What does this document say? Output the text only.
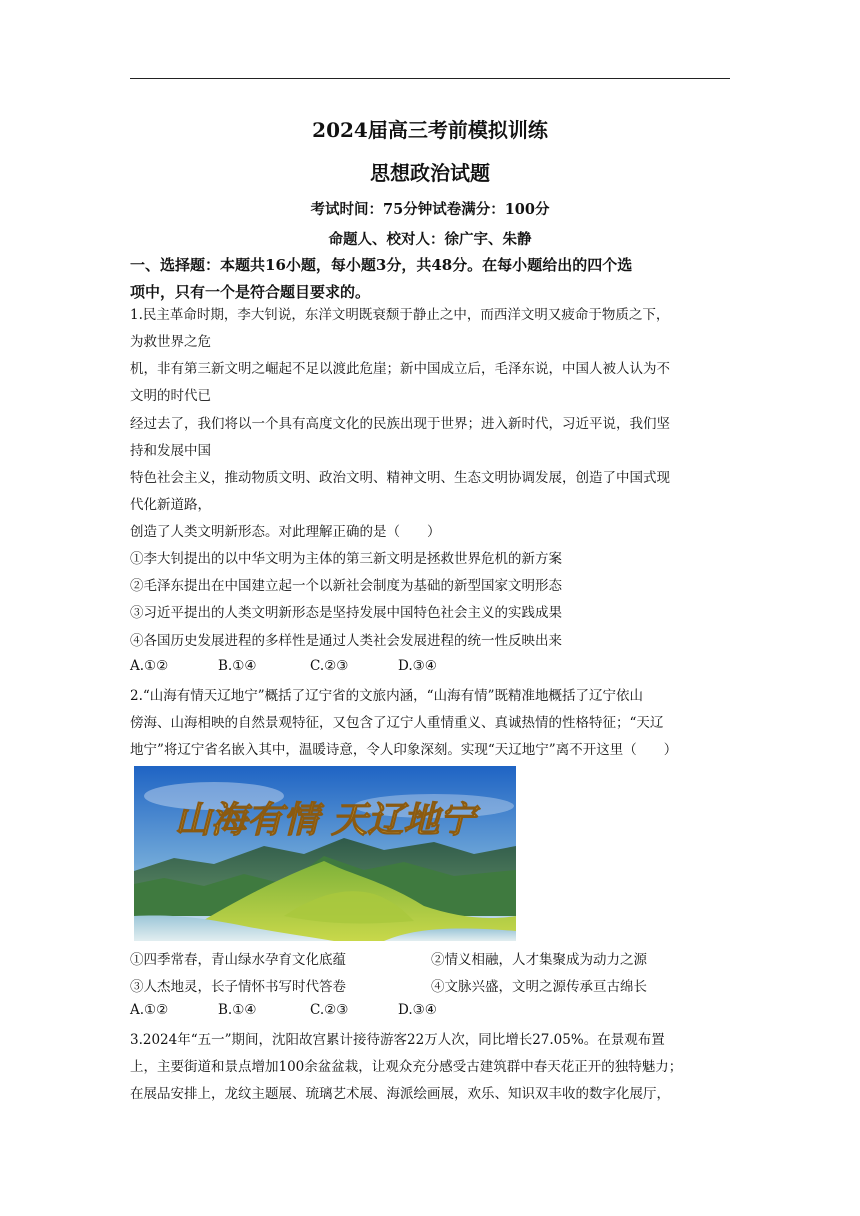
2024届高三考前模拟训练
思想政治试题
考试时间：75分钟试卷满分：100分
命题人、校对人：徐广宇、朱静
一、选择题：本题共16小题，每小题3分，共48分。在每小题给出的四个选
项中，只有一个是符合题目要求的。
1.民主革命时期，李大钊说，东洋文明既衰颓于静止之中，而西洋文明又疲命于物质之下，
为救世界之危
机，非有第三新文明之崛起不足以渡此危崖；新中国成立后，毛泽东说，中国人被人认为不
文明的时代已
经过去了，我们将以一个具有高度文化的民族出现于世界；进入新时代，习近平说，我们坚
持和发展中国
特色社会主义，推动物质文明、政治文明、精神文明、生态文明协调发展，创造了中国式现
代化新道路，
创造了人类文明新形态。对此理解正确的是（　　）
①李大钊提出的以中华文明为主体的第三新文明是拯救世界危机的新方案
②毛泽东提出在中国建立起一个以新社会制度为基础的新型国家文明形态
③习近平提出的人类文明新形态是坚持发展中国特色社会主义的实践成果
④各国历史发展进程的多样性是通过人类社会发展进程的统一性反映出来
A.①②	B.①④	C.②③	D.③④
2.“山海有情天辽地宁”概括了辽宁省的文旅内涵，“山海有情”既精准地概括了辽宁依山
傍海、山海相映的自然景观特征，又包含了辽宁人重情重义、真诚热情的性格特征；“天辽
地宁”将辽宁省名嵌入其中，温暖诗意，令人印象深刻。实现“天辽地宁”离不开这里（　　）
山海有情 天辽地宁
①四季常春，青山绿水孕育文化底蕴	②情义相融，人才集聚成为动力之源
③人杰地灵，长子情怀书写时代答卷	④文脉兴盛，文明之源传承亘古绵长
A.①②	B.①④	C.②③	D.③④
3.2024年“五一”期间，沈阳故宫累计接待游客22万人次，同比增长27.05%。在景观布置
上，主要街道和景点增加100余盆盆栽，让观众充分感受古建筑群中春天花正开的独特魅力；
在展品安排上，龙纹主题展、琉璃艺术展、海派绘画展，欢乐、知识双丰收的数字化展厅，
